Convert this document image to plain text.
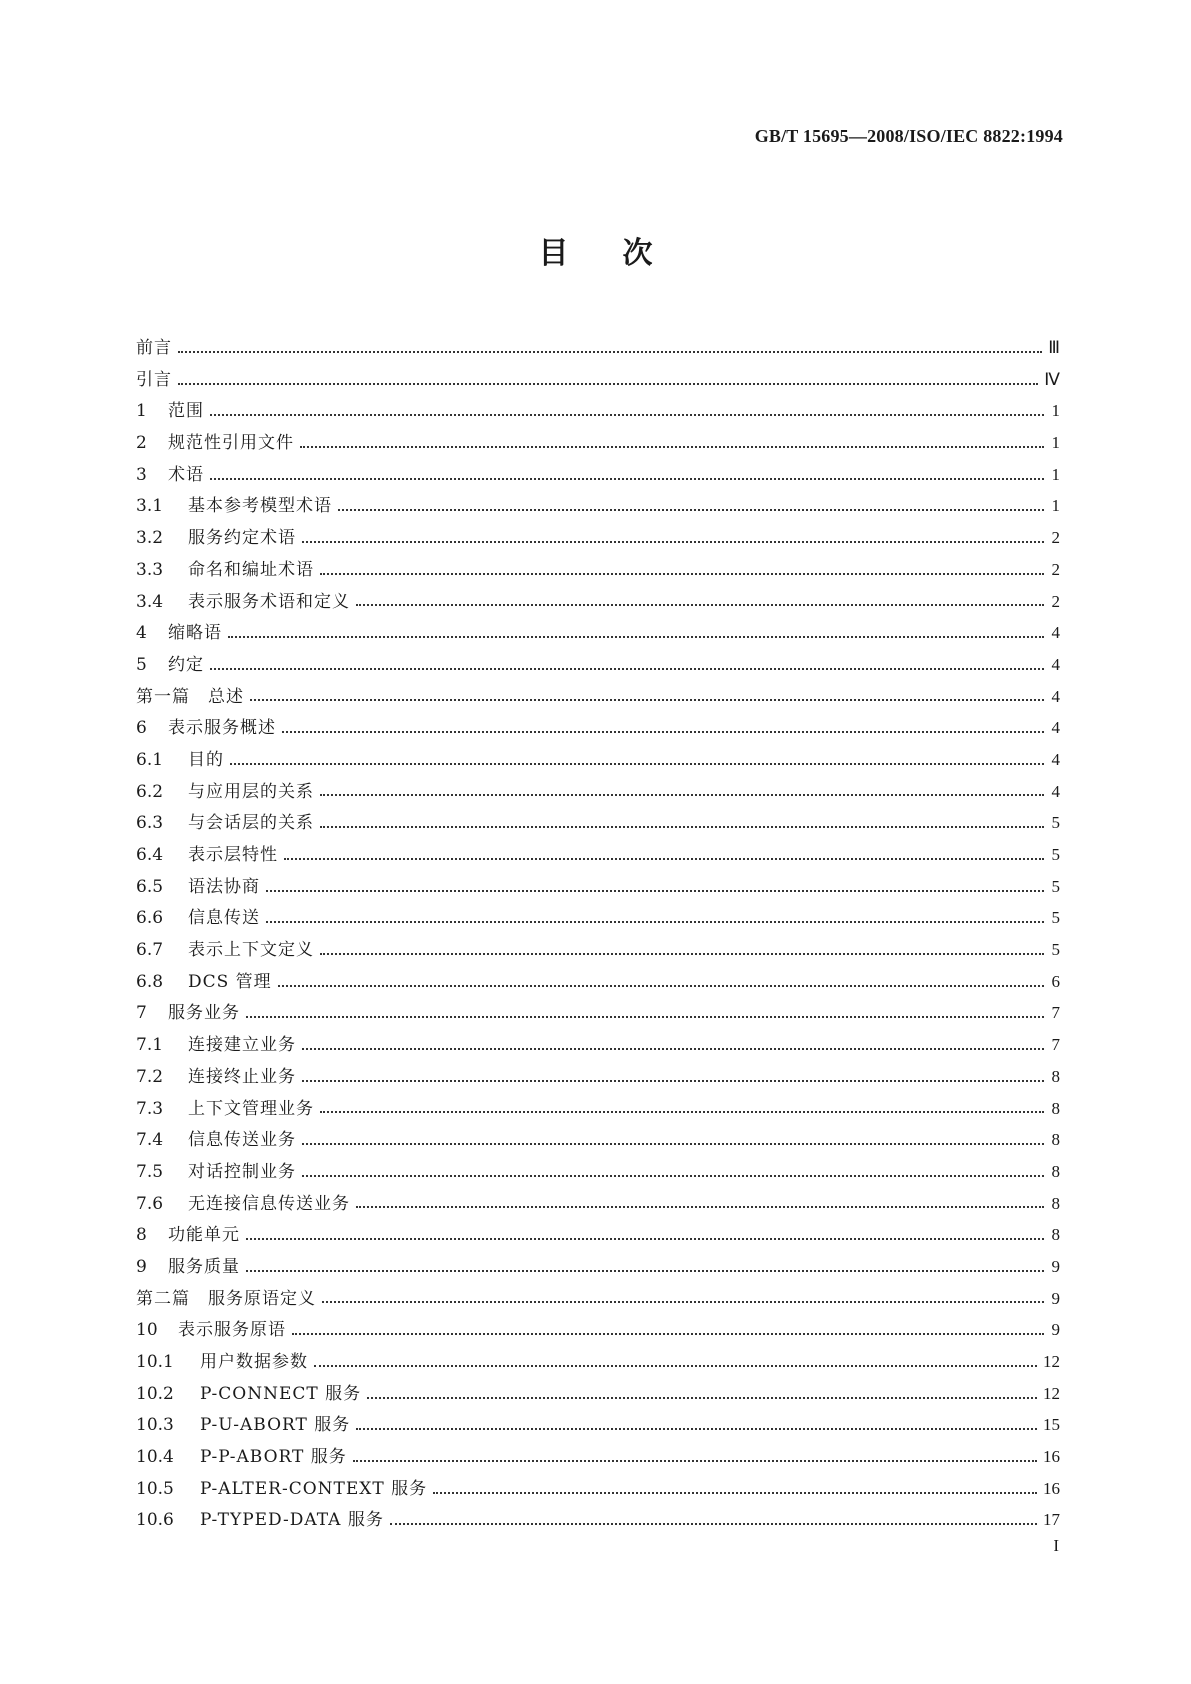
GB/T 15695—2008/ISO/IEC 8822:1994
目次
前言	Ⅲ
引言	Ⅳ
1	范围	1
2	规范性引用文件	1
3	术语	1
3.1	基本参考模型术语	1
3.2	服务约定术语	2
3.3	命名和编址术语	2
3.4	表示服务术语和定义	2
4	缩略语	4
5	约定	4
第一篇　总述	4
6	表示服务概述	4
6.1	目的	4
6.2	与应用层的关系	4
6.3	与会话层的关系	5
6.4	表示层特性	5
6.5	语法协商	5
6.6	信息传送	5
6.7	表示上下文定义	5
6.8	DCS 管理	6
7	服务业务	7
7.1	连接建立业务	7
7.2	连接终止业务	8
7.3	上下文管理业务	8
7.4	信息传送业务	8
7.5	对话控制业务	8
7.6	无连接信息传送业务	8
8	功能单元	8
9	服务质量	9
第二篇　服务原语定义	9
10	表示服务原语	9
10.1	用户数据参数	12
10.2	P-CONNECT 服务	12
10.3	P-U-ABORT 服务	15
10.4	P-P-ABORT 服务	16
10.5	P-ALTER-CONTEXT 服务	16
10.6	P-TYPED-DATA 服务	17
I
